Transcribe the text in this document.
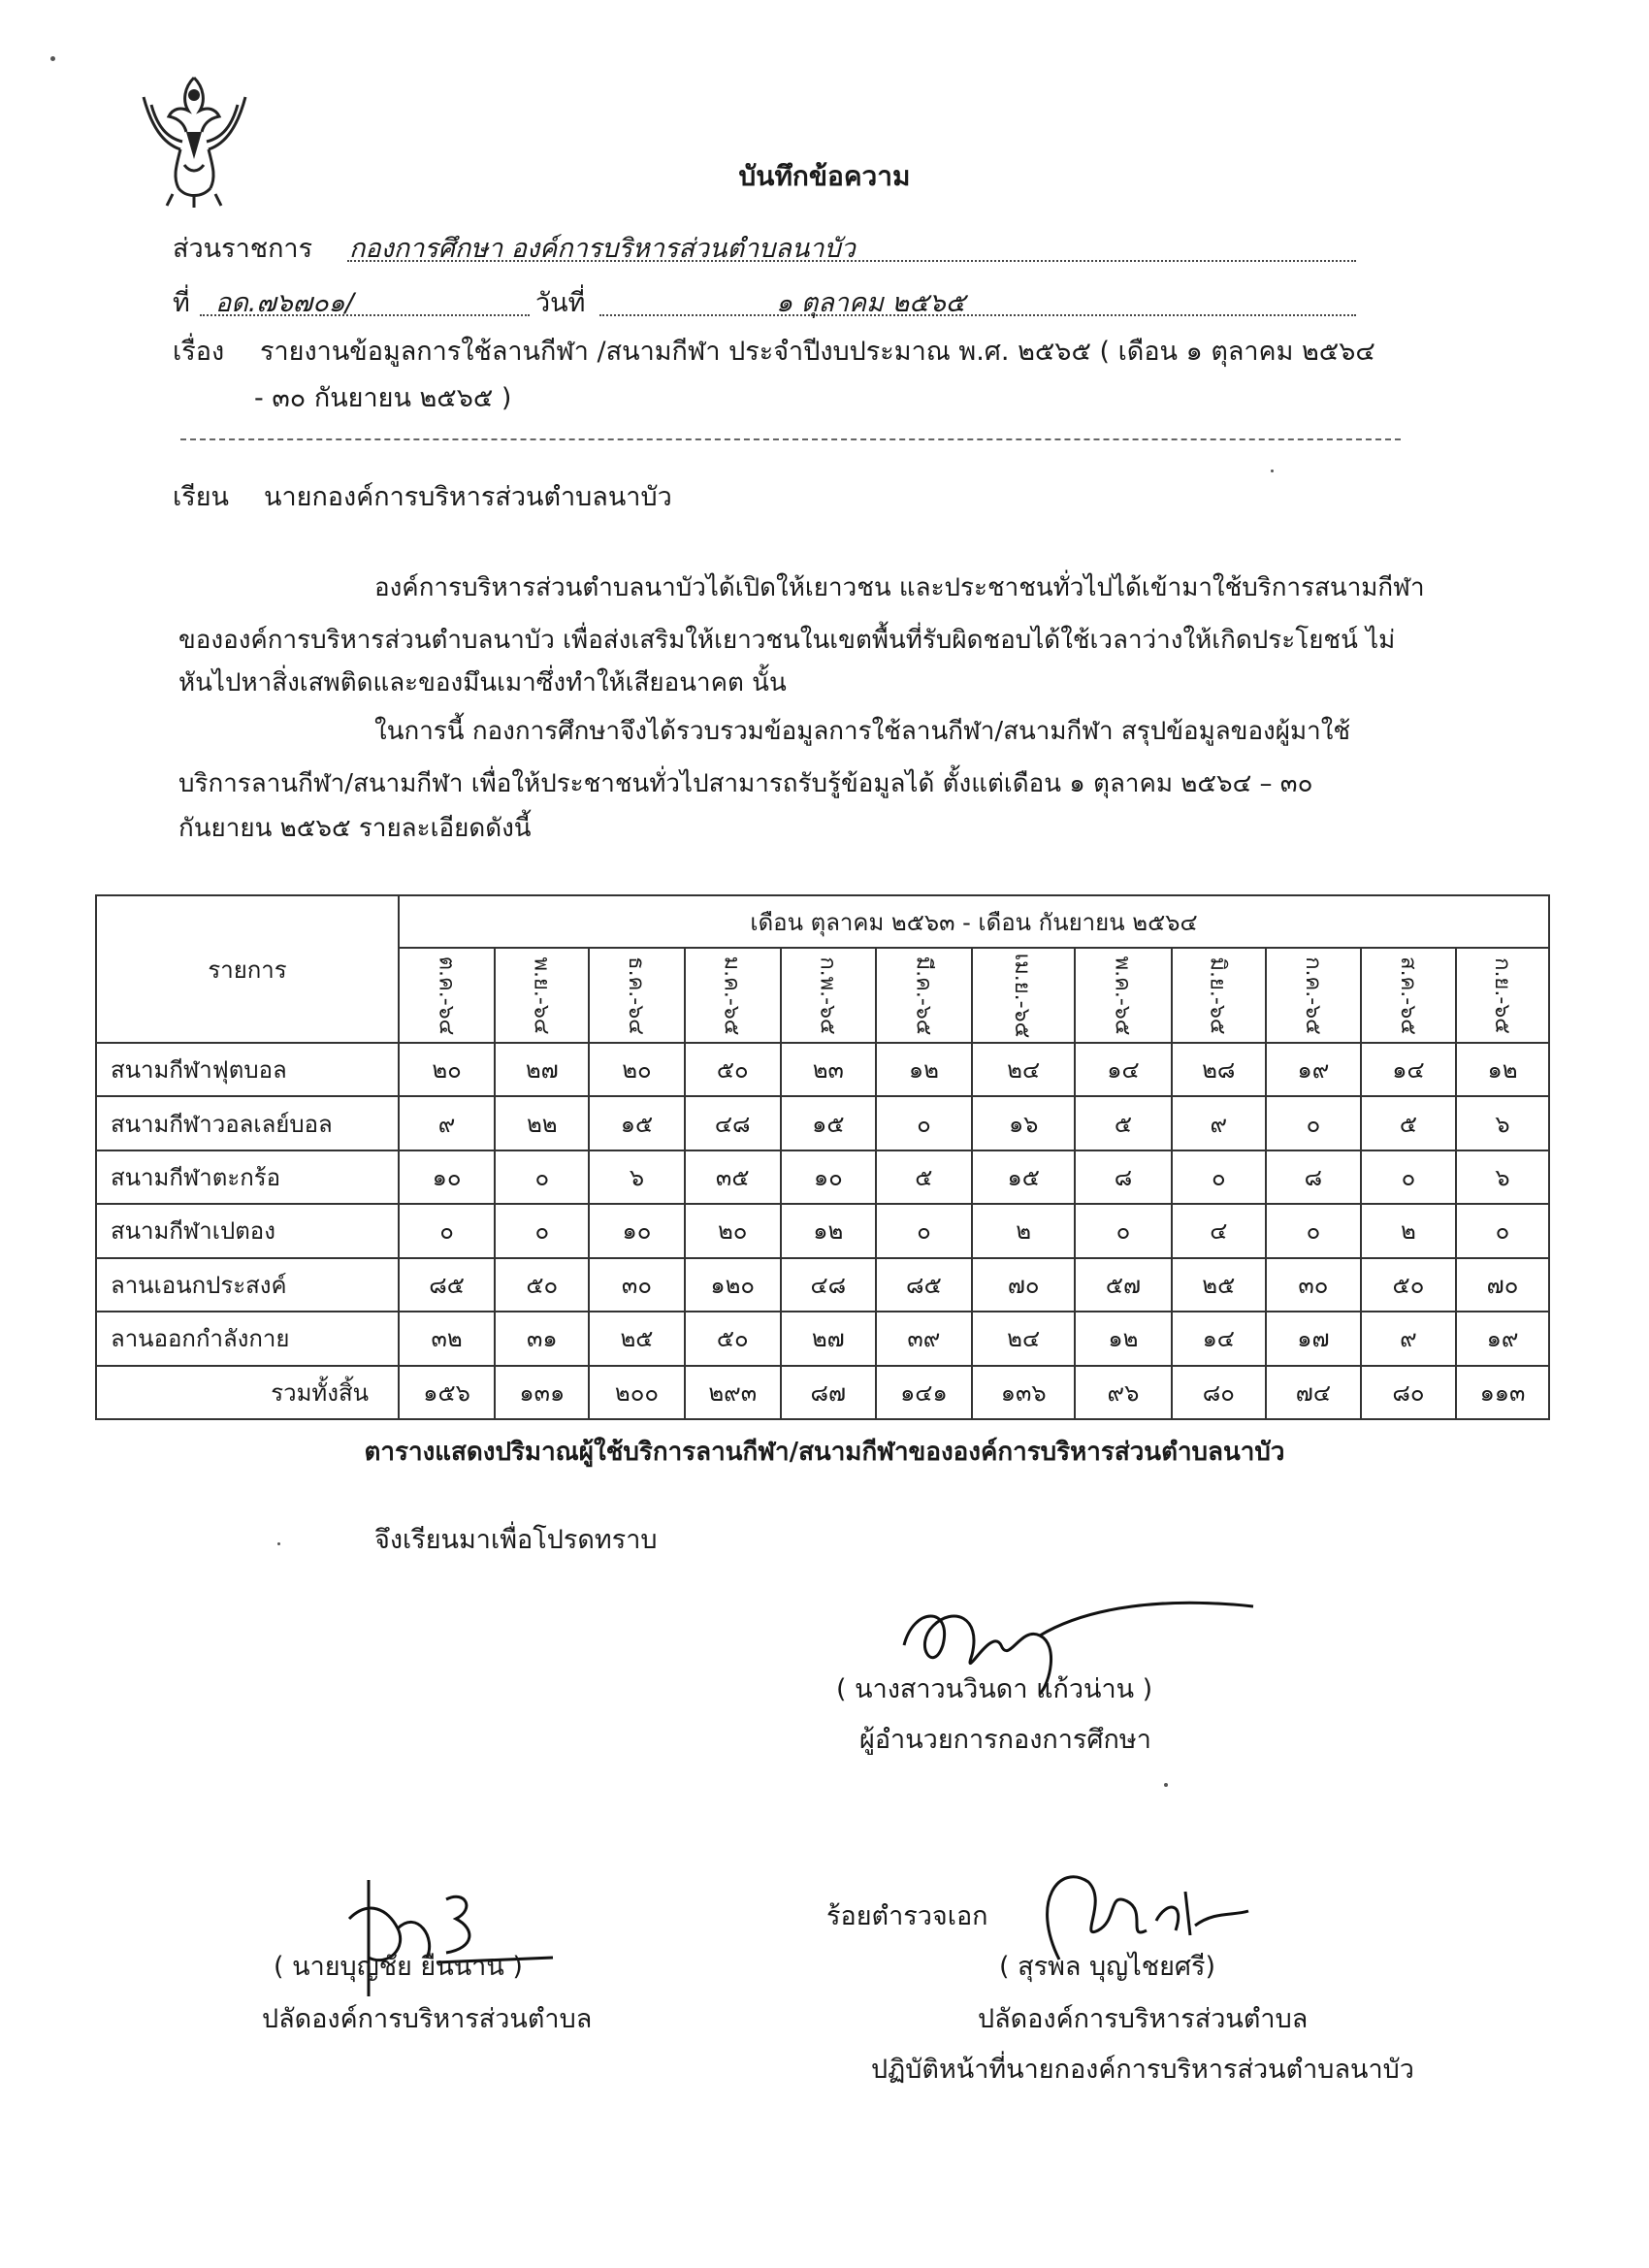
บันทึกข้อความ
ส่วนราชการ กองการศึกษา องค์การบริหารส่วนตำบลนาบัว
ที่ อด.๗๖๗๐๑/	วันที่	๑ ตุลาคม ๒๕๖๕
เรื่อง รายงานข้อมูลการใช้ลานกีฬา /สนามกีฬา ประจำปีงบประมาณ พ.ศ. ๒๕๖๕ ( เดือน ๑ ตุลาคม ๒๕๖๔
- ๓๐ กันยายน ๒๕๖๕ )
เรียน นายกองค์การบริหารส่วนตำบลนาบัว
องค์การบริหารส่วนตำบลนาบัวได้เปิดให้เยาวชน และประชาชนทั่วไปได้เข้ามาใช้บริการสนามกีฬา
ขององค์การบริหารส่วนตำบลนาบัว เพื่อส่งเสริมให้เยาวชนในเขตพื้นที่รับผิดชอบได้ใช้เวลาว่างให้เกิดประโยชน์ ไม่
หันไปหาสิ่งเสพติดและของมึนเมาซึ่งทำให้เสียอนาคต นั้น
ในการนี้ กองการศึกษาจึงได้รวบรวมข้อมูลการใช้ลานกีฬา/สนามกีฬา สรุปข้อมูลของผู้มาใช้
บริการลานกีฬา/สนามกีฬา เพื่อให้ประชาชนทั่วไปสามารถรับรู้ข้อมูลได้ ตั้งแต่เดือน ๑ ตุลาคม ๒๕๖๔ – ๓๐
กันยายน ๒๕๖๕ รายละเอียดดังนี้
รายการ	เดือน ตุลาคม ๒๕๖๓ - เดือน กันยายน ๒๕๖๔											
	ต.ค.-๖๔	พ.ย.-๖๔	ธ.ค.-๖๔	ม.ค.-๖๕	ก.พ.-๖๕	มี.ค.-๖๕	เม.ย.-๖๕	พ.ค.-๖๕	มิ.ย.-๖๕	ก.ค.-๖๕	ส.ค.-๖๕	ก.ย.-๖๕
สนามกีฬาฟุตบอล	๒๐	๒๗	๒๐	๕๐	๒๓	๑๒	๒๔	๑๔	๒๘	๑๙	๑๔	๑๒
สนามกีฬาวอลเลย์บอล	๙	๒๒	๑๕	๔๘	๑๕	๐	๑๖	๕	๙	๐	๕	๖
สนามกีฬาตะกร้อ	๑๐	๐	๖	๓๕	๑๐	๕	๑๕	๘	๐	๘	๐	๖
สนามกีฬาเปตอง	๐	๐	๑๐	๒๐	๑๒	๐	๒	๐	๔	๐	๒	๐
ลานเอนกประสงค์	๘๕	๕๐	๓๐	๑๒๐	๔๘	๘๕	๗๐	๕๗	๒๕	๓๐	๕๐	๗๐
ลานออกกำลังกาย	๓๒	๓๑	๒๕	๕๐	๒๗	๓๙	๒๔	๑๒	๑๔	๑๗	๙	๑๙
รวมทั้งสิ้น	๑๕๖	๑๓๑	๒๐๐	๒๙๓	๘๗	๑๔๑	๑๓๖	๙๖	๘๐	๗๔	๘๐	๑๑๓
ตารางแสดงปริมาณผู้ใช้บริการลานกีฬา/สนามกีฬาขององค์การบริหารส่วนตำบลนาบัว
จึงเรียนมาเพื่อโปรดทราบ
( นางสาวนวินดา แก้วน่าน )
ผู้อำนวยการกองการศึกษา
( นายบุญชัย ยืนนาน )
ปลัดองค์การบริหารส่วนตำบล
ร้อยตำรวจเอก
( สุรพล บุญไชยศรี)
ปลัดองค์การบริหารส่วนตำบล
ปฏิบัติหน้าที่นายกองค์การบริหารส่วนตำบลนาบัว
